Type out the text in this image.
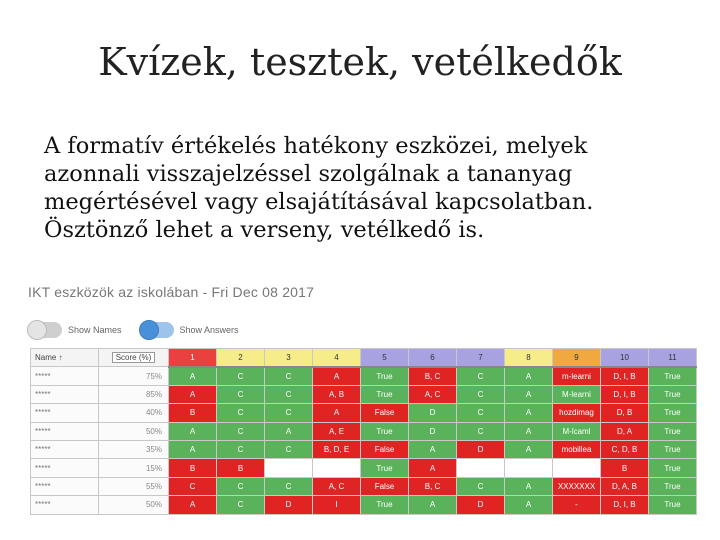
Kvízek, tesztek, vetélkedők
A formatív értékelés hatékony eszközei, melyek
azonnali visszajelzéssel szolgálnak a tananyag
megértésével vagy elsajátításával kapcsolatban.
Ösztönző lehet a verseny, vetélkedő is.
IKT eszközök az iskolában - Fri Dec 08 2017
Show Names	Show Answers
Name ↑	Score (%)	1	2	3	4	5	6	7	8	9	10	11
*****	75%	A	C	C	A	True	B, C	C	A	m-learni	D, I, B	True
*****	85%	A	C	C	A, B	True	A, C	C	A	M-learni	D, I, B	True
*****	40%	B	C	C	A	False	D	C	A	hozdimag	D, B	True
*****	50%	A	C	A	A, E	True	D	C	A	M-lcaml	D, A	True
*****	35%	A	C	C	B, D, E	False	A	D	A	mobillea	C, D, B	True
*****	15%	B	B			True	A				B	True
*****	55%	C	C	C	A, C	False	B, C	C	A	XXXXXXX	D, A, B	True
*****	50%	A	C	D	I	True	A	D	A	-	D, I, B	True
